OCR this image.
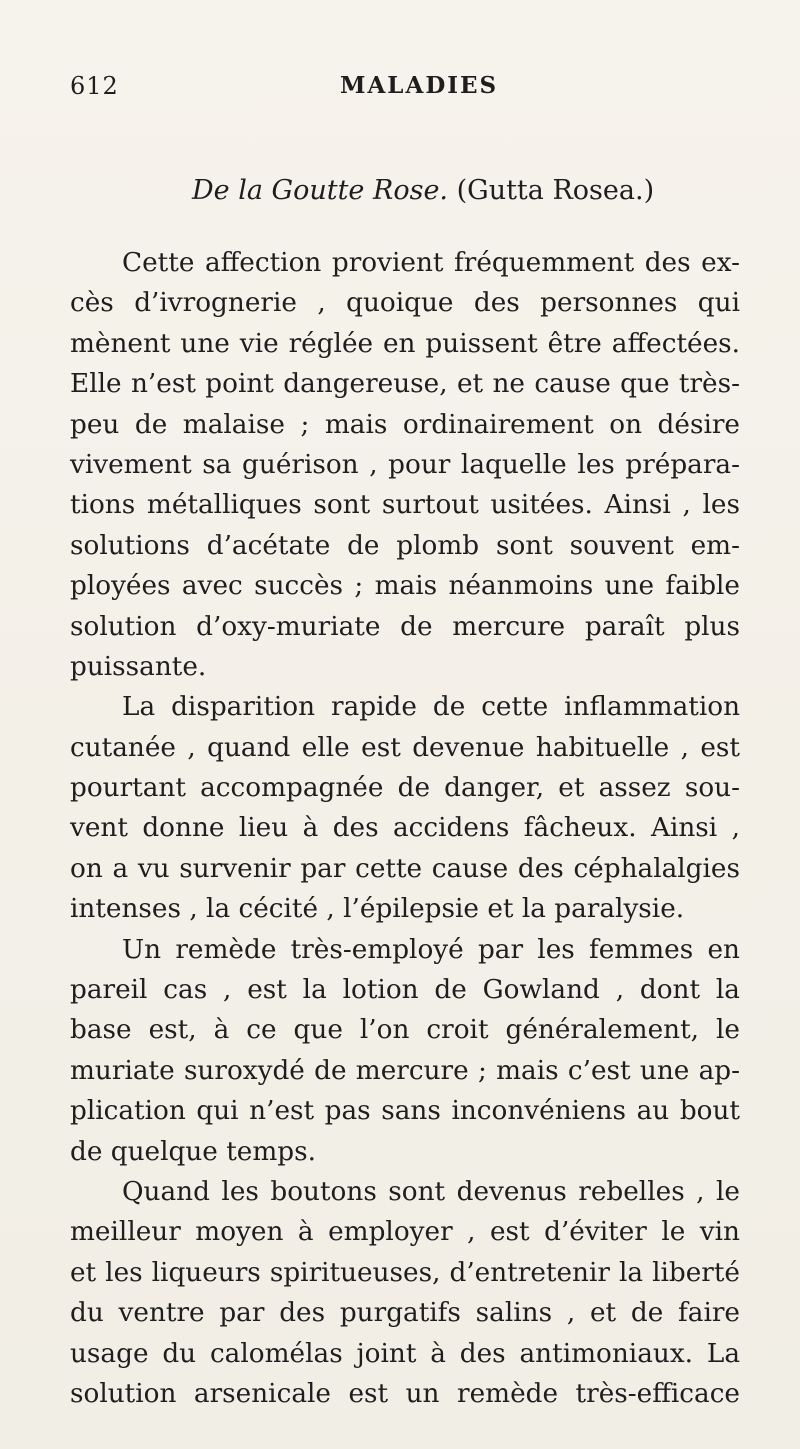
612	MALADIES
De la Goutte Rose. (Gutta Rosea.)
Cette affection provient fréquemment des ex-
cès d’ivrognerie , quoique des personnes qui
mènent une vie réglée en puissent être affectées.
Elle n’est point dangereuse, et ne cause que très-
peu de malaise ; mais ordinairement on désire
vivement sa guérison , pour laquelle les prépara-
tions métalliques sont surtout usitées. Ainsi , les
solutions d’acétate de plomb sont souvent em-
ployées avec succès ; mais néanmoins une faible
solution d’oxy-muriate de mercure paraît plus
puissante.
La disparition rapide de cette inflammation
cutanée , quand elle est devenue habituelle , est
pourtant accompagnée de danger, et assez sou-
vent donne lieu à des accidens fâcheux. Ainsi ,
on a vu survenir par cette cause des céphalalgies
intenses , la cécité , l’épilepsie et la paralysie.
Un remède très-employé par les femmes en
pareil cas , est la lotion de Gowland , dont la
base est, à ce que l’on croit généralement, le
muriate suroxydé de mercure ; mais c’est une ap-
plication qui n’est pas sans inconvéniens au bout
de quelque temps.
Quand les boutons sont devenus rebelles , le
meilleur moyen à employer , est d’éviter le vin
et les liqueurs spiritueuses, d’entretenir la liberté
du ventre par des purgatifs salins , et de faire
usage du calomélas joint à des antimoniaux. La
solution arsenicale est un remède très-efficace
